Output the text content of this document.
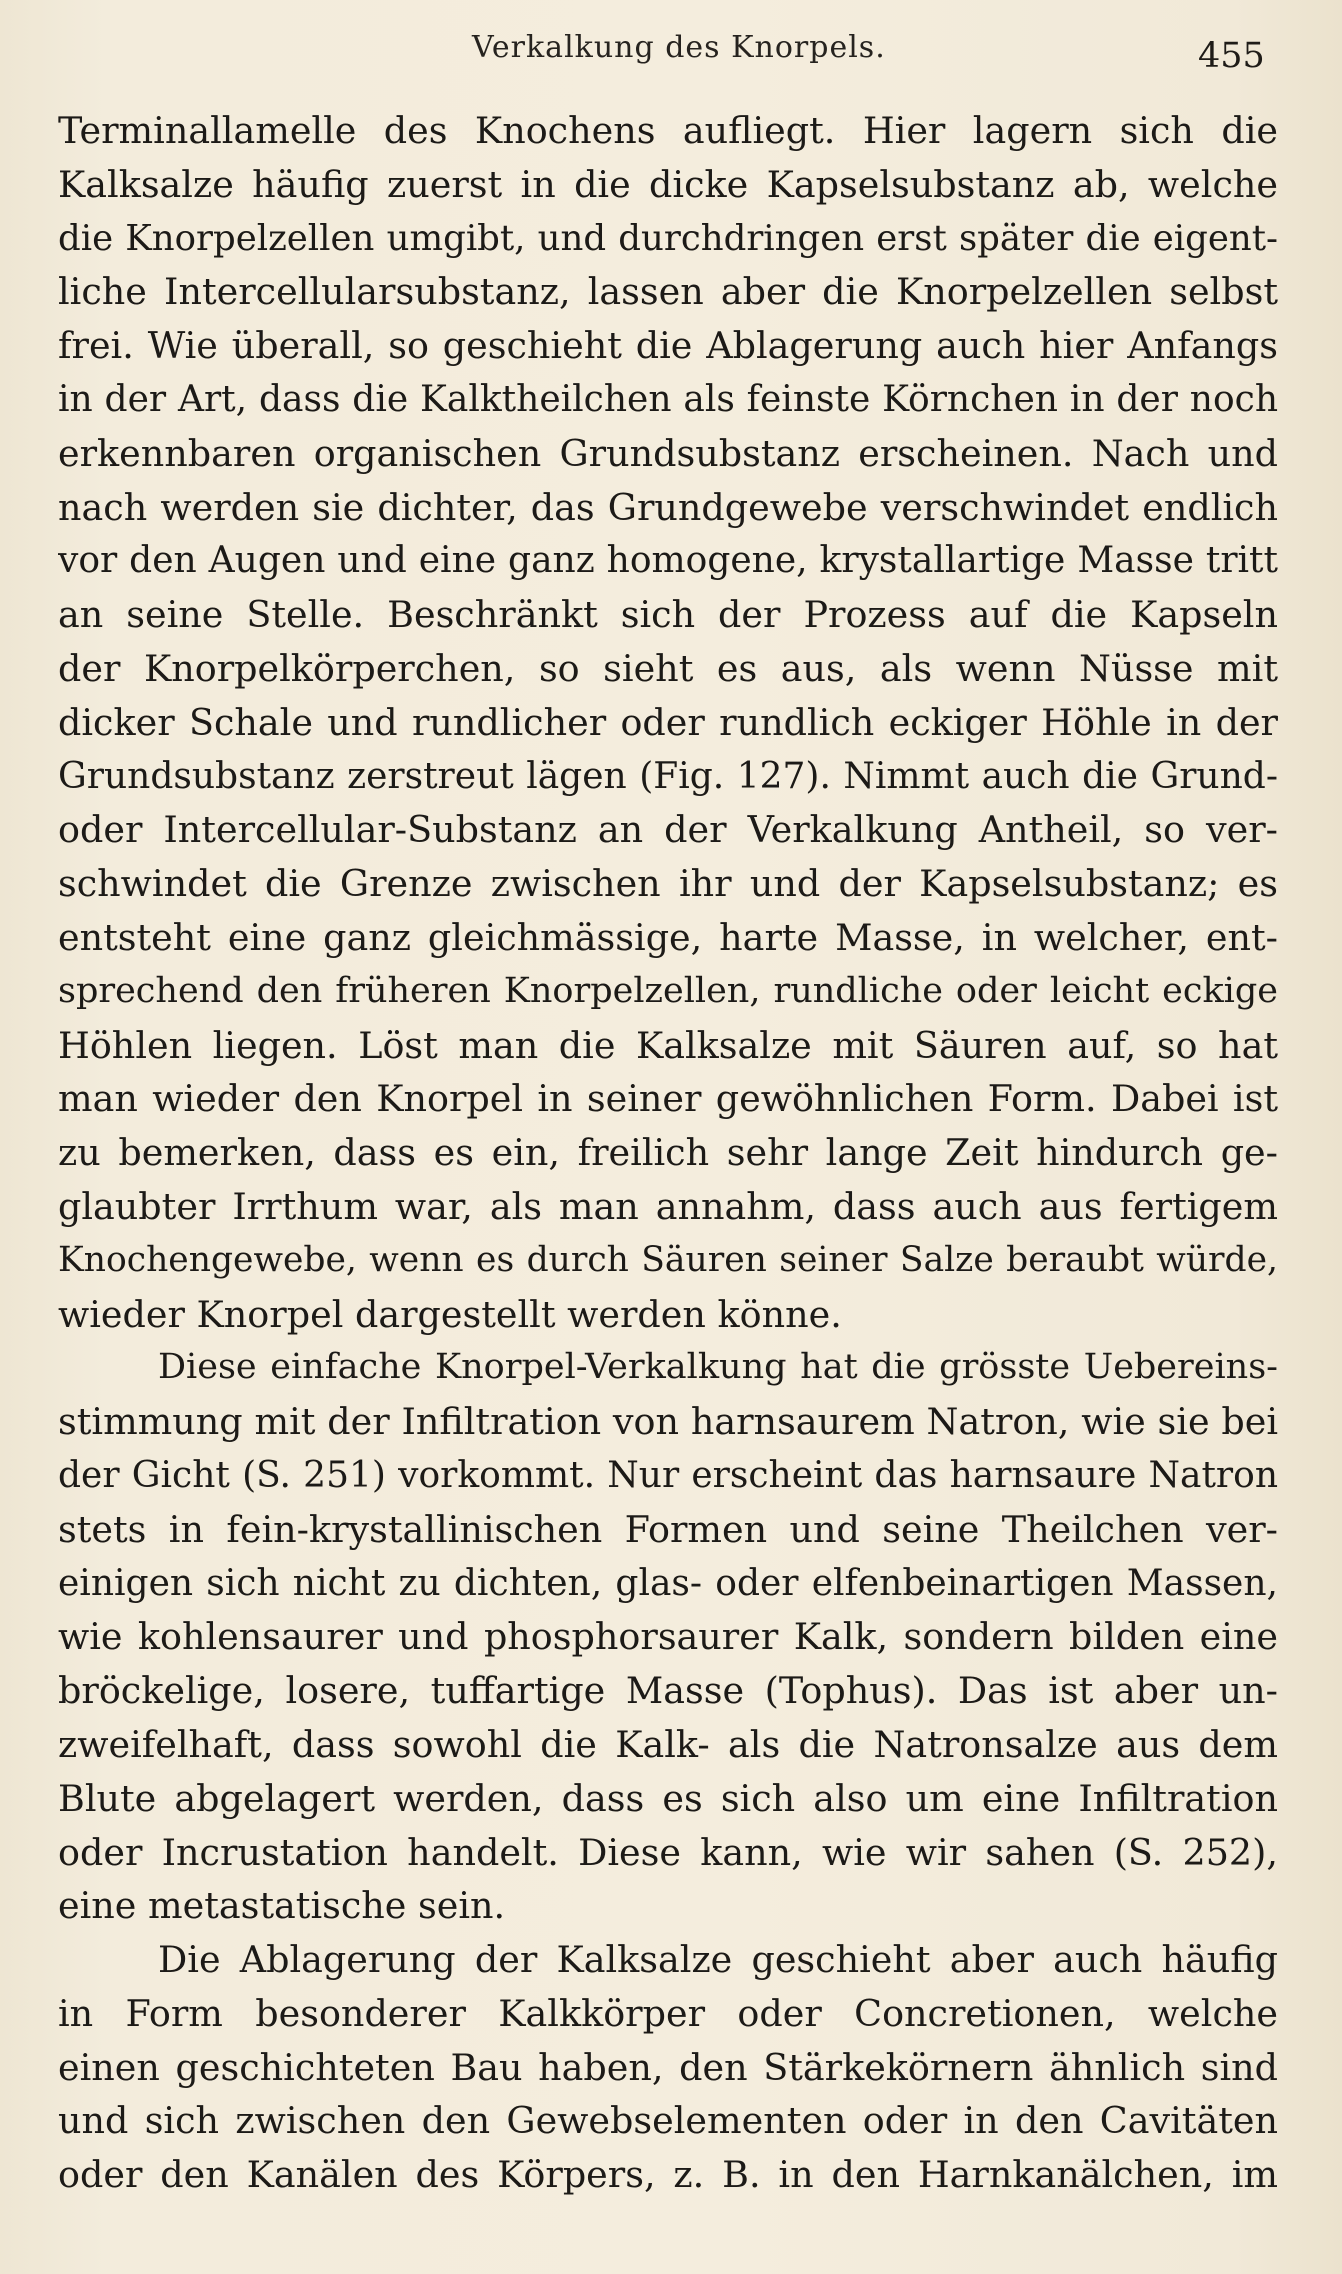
Verkalkung des Knorpels.	455
Terminallamelle des Knochens aufliegt. Hier lagern sich die
Kalksalze häufig zuerst in die dicke Kapselsubstanz ab, welche
die Knorpelzellen umgibt, und durchdringen erst später die eigent-
liche Intercellularsubstanz, lassen aber die Knorpelzellen selbst
frei. Wie überall, so geschieht die Ablagerung auch hier Anfangs
in der Art, dass die Kalktheilchen als feinste Körnchen in der noch
erkennbaren organischen Grundsubstanz erscheinen. Nach und
nach werden sie dichter, das Grundgewebe verschwindet endlich
vor den Augen und eine ganz homogene, krystallartige Masse tritt
an seine Stelle. Beschränkt sich der Prozess auf die Kapseln
der Knorpelkörperchen, so sieht es aus, als wenn Nüsse mit
dicker Schale und rundlicher oder rundlich eckiger Höhle in der
Grundsubstanz zerstreut lägen (Fig. 127). Nimmt auch die Grund-
oder Intercellular-Substanz an der Verkalkung Antheil, so ver-
schwindet die Grenze zwischen ihr und der Kapselsubstanz; es
entsteht eine ganz gleichmässige, harte Masse, in welcher, ent-
sprechend den früheren Knorpelzellen, rundliche oder leicht eckige
Höhlen liegen. Löst man die Kalksalze mit Säuren auf, so hat
man wieder den Knorpel in seiner gewöhnlichen Form. Dabei ist
zu bemerken, dass es ein, freilich sehr lange Zeit hindurch ge-
glaubter Irrthum war, als man annahm, dass auch aus fertigem
Knochengewebe, wenn es durch Säuren seiner Salze beraubt würde,
wieder Knorpel dargestellt werden könne.
Diese einfache Knorpel-Verkalkung hat die grösste Uebereins-
stimmung mit der Infiltration von harnsaurem Natron, wie sie bei
der Gicht (S. 251) vorkommt. Nur erscheint das harnsaure Natron
stets in fein-krystallinischen Formen und seine Theilchen ver-
einigen sich nicht zu dichten, glas- oder elfenbeinartigen Massen,
wie kohlensaurer und phosphorsaurer Kalk, sondern bilden eine
bröckelige, losere, tuffartige Masse (Tophus). Das ist aber un-
zweifelhaft, dass sowohl die Kalk- als die Natronsalze aus dem
Blute abgelagert werden, dass es sich also um eine Infiltration
oder Incrustation handelt. Diese kann, wie wir sahen (S. 252),
eine metastatische sein.
Die Ablagerung der Kalksalze geschieht aber auch häufig
in Form besonderer Kalkkörper oder Concretionen, welche
einen geschichteten Bau haben, den Stärkekörnern ähnlich sind
und sich zwischen den Gewebselementen oder in den Cavitäten
oder den Kanälen des Körpers, z. B. in den Harnkanälchen, im
